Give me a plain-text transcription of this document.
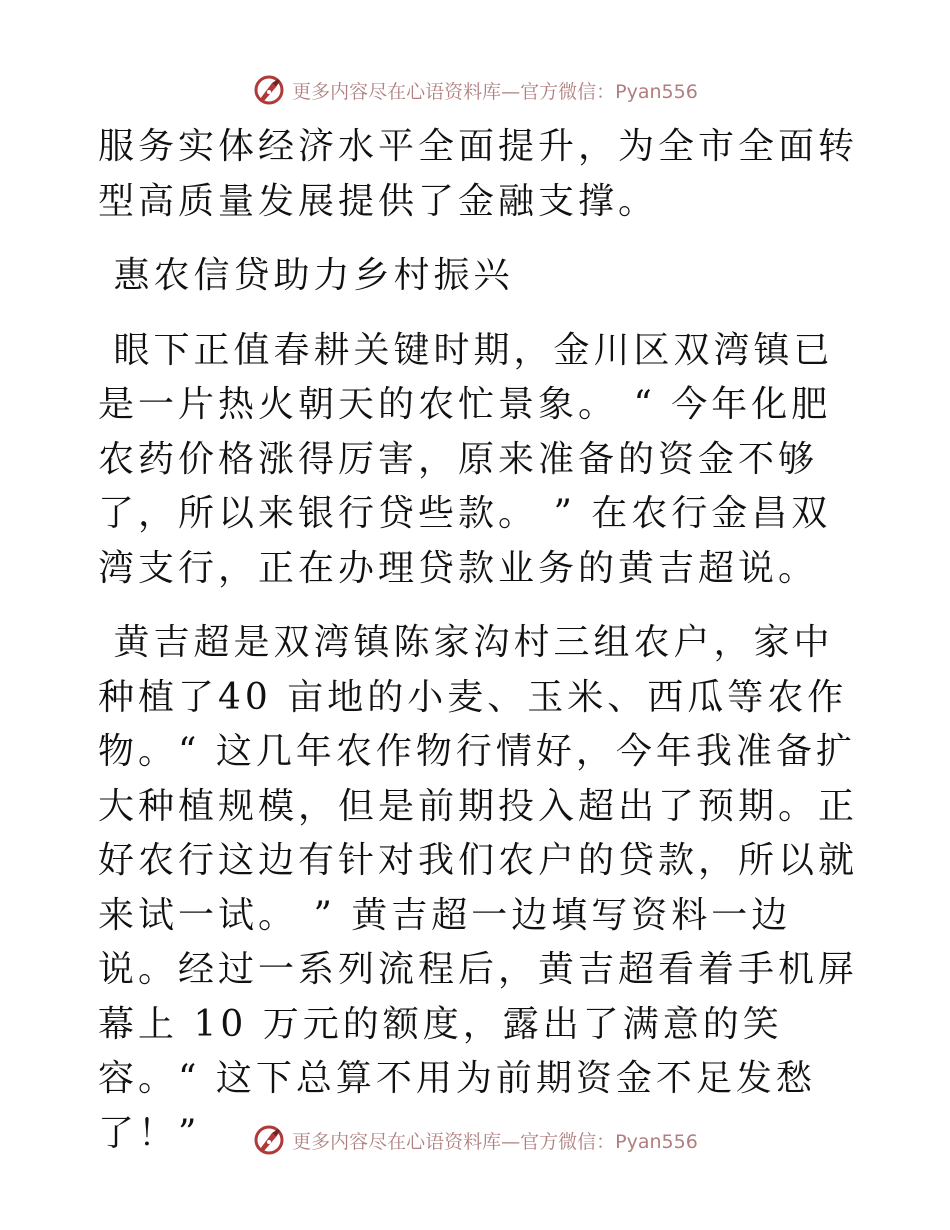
更多内容尽在心语资料库—官方微信：Pyan556

服务实体经济水平全面提升，为全市全面转型高质量发展提供了金融支撑。

惠农信贷助力乡村振兴

眼下正值春耕关键时期，金川区双湾镇已是一片热火朝天的农忙景象。 “ 今年化肥农药价格涨得厉害，原来准备的资金不够了，所以来银行贷些款。 ” 在农行金昌双湾支行，正在办理贷款业务的黄吉超说。

黄吉超是双湾镇陈家沟村三组农户，家中种植了40 亩地的小麦、玉米、西瓜等农作物。“ 这几年农作物行情好，今年我准备扩大种植规模，但是前期投入超出了预期。正好农行这边有针对我们农户的贷款，所以就来试一试。 ” 黄吉超一边填写资料一边说。经过一系列流程后，黄吉超看着手机屏幕上 10 万元的额度，露出了满意的笑容。“ 这下总算不用为前期资金不足发愁了！”	更多内容尽在心语资料库—官方微信：Pyan556
